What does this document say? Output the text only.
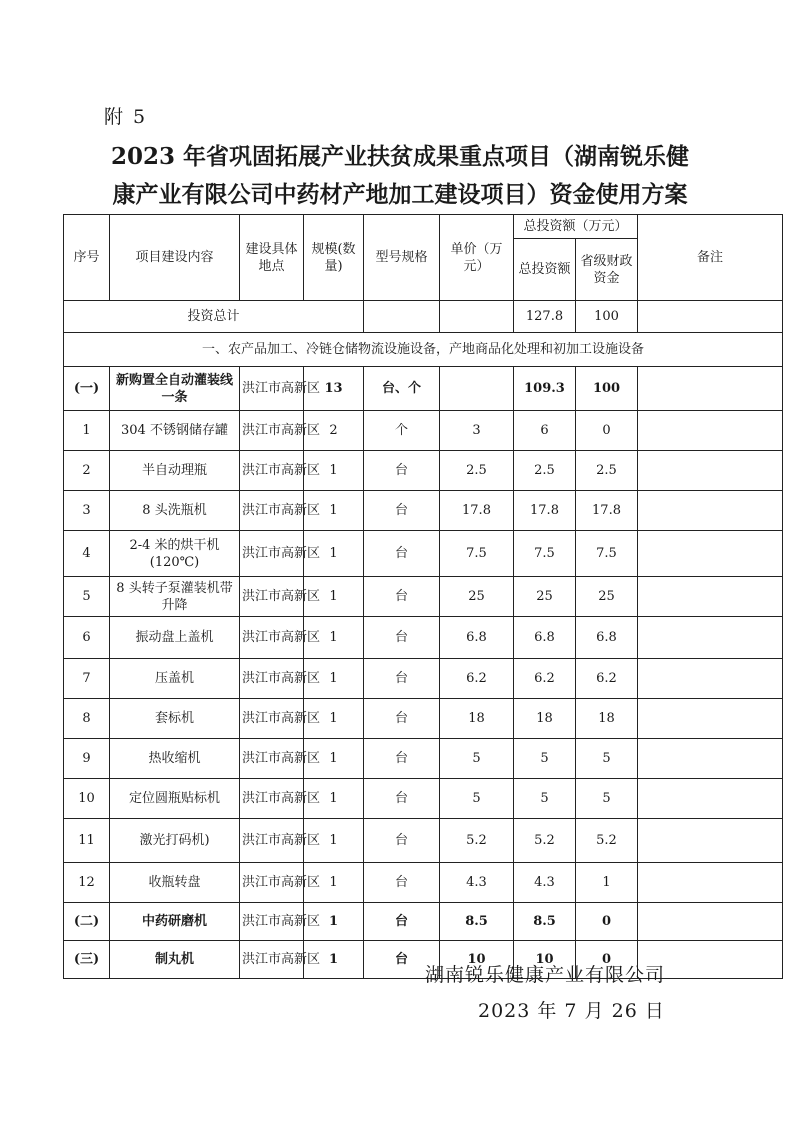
附 5
2023 年省巩固拓展产业扶贫成果重点项目（湖南锐乐健
康产业有限公司中药材产地加工建设项目）资金使用方案
序号	项目建设内容	建设具体地点	规模(数量)	型号规格	单价（万元）	总投资额（万元）		备注
						总投资额	省级财政资金	
投资总计						127.8	100	
一、农产品加工、冷链仓储物流设施设备，产地商品化处理和初加工设施设备								
(一)	新购置全自动灌装线一条	洪江市高新区	13	台、个		109.3	100	
1	304 不锈钢储存罐	洪江市高新区	2	个	3	6	0	
2	半自动理瓶	洪江市高新区	1	台	2.5	2.5	2.5	
3	8 头洗瓶机	洪江市高新区	1	台	17.8	17.8	17.8	
4	2-4 米的烘干机(120℃)	洪江市高新区	1	台	7.5	7.5	7.5	
5	8 头转子泵灌装机带升降	洪江市高新区	1	台	25	25	25	
6	振动盘上盖机	洪江市高新区	1	台	6.8	6.8	6.8	
7	压盖机	洪江市高新区	1	台	6.2	6.2	6.2	
8	套标机	洪江市高新区	1	台	18	18	18	
9	热收缩机	洪江市高新区	1	台	5	5	5	
10	定位圆瓶贴标机	洪江市高新区	1	台	5	5	5	
11	激光打码机)	洪江市高新区	1	台	5.2	5.2	5.2	
12	收瓶转盘	洪江市高新区	1	台	4.3	4.3	1	
(二)	中药研磨机	洪江市高新区	1	台	8.5	8.5	0	
(三)	制丸机	洪江市高新区	1	台	10	10	0	
湖南锐乐健康产业有限公司
2023 年 7 月 26 日
